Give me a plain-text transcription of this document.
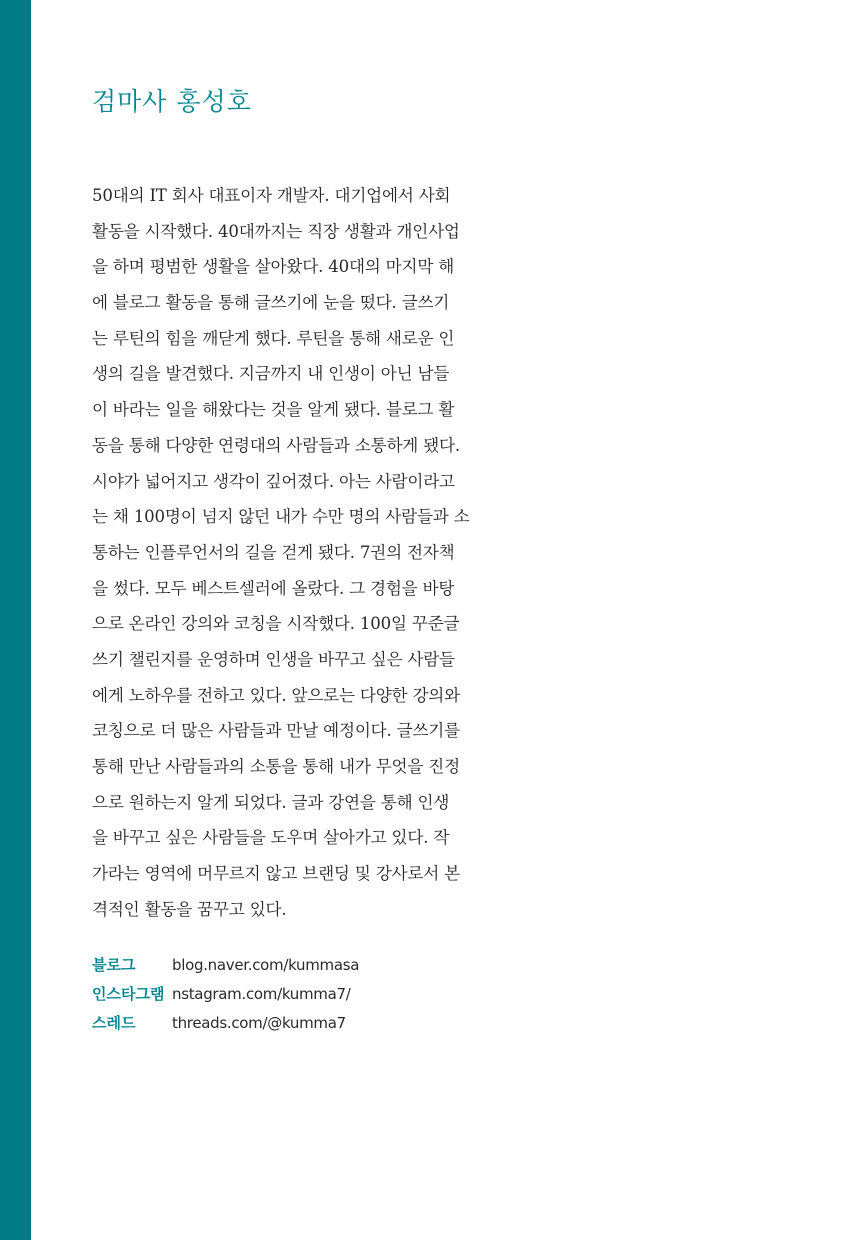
검마사 홍성호
50대의 IT 회사 대표이자 개발자. 대기업에서 사회
활동을 시작했다. 40대까지는 직장 생활과 개인사업
을 하며 평범한 생활을 살아왔다. 40대의 마지막 해
에 블로그 활동을 통해 글쓰기에 눈을 떴다. 글쓰기
는 루틴의 힘을 깨닫게 했다. 루틴을 통해 새로운 인
생의 길을 발견했다. 지금까지 내 인생이 아닌 남들
이 바라는 일을 해왔다는 것을 알게 됐다. 블로그 활
동을 통해 다양한 연령대의 사람들과 소통하게 됐다.
시야가 넓어지고 생각이 깊어졌다. 아는 사람이라고
는 채 100명이 넘지 않던 내가 수만 명의 사람들과 소
통하는 인플루언서의 길을 걷게 됐다. 7권의 전자책
을 썼다. 모두 베스트셀러에 올랐다. 그 경험을 바탕
으로 온라인 강의와 코칭을 시작했다. 100일 꾸준글
쓰기 챌린지를 운영하며 인생을 바꾸고 싶은 사람들
에게 노하우를 전하고 있다. 앞으로는 다양한 강의와
코칭으로 더 많은 사람들과 만날 예정이다. 글쓰기를
통해 만난 사람들과의 소통을 통해 내가 무엇을 진정
으로 원하는지 알게 되었다. 글과 강연을 통해 인생
을 바꾸고 싶은 사람들을 도우며 살아가고 있다. 작
가라는 영역에 머무르지 않고 브랜딩 및 강사로서 본
격적인 활동을 꿈꾸고 있다.
블로그	blog.naver.com/kummasa
인스타그램 nstagram.com/kumma7/
스레드	threads.com/@kumma7
